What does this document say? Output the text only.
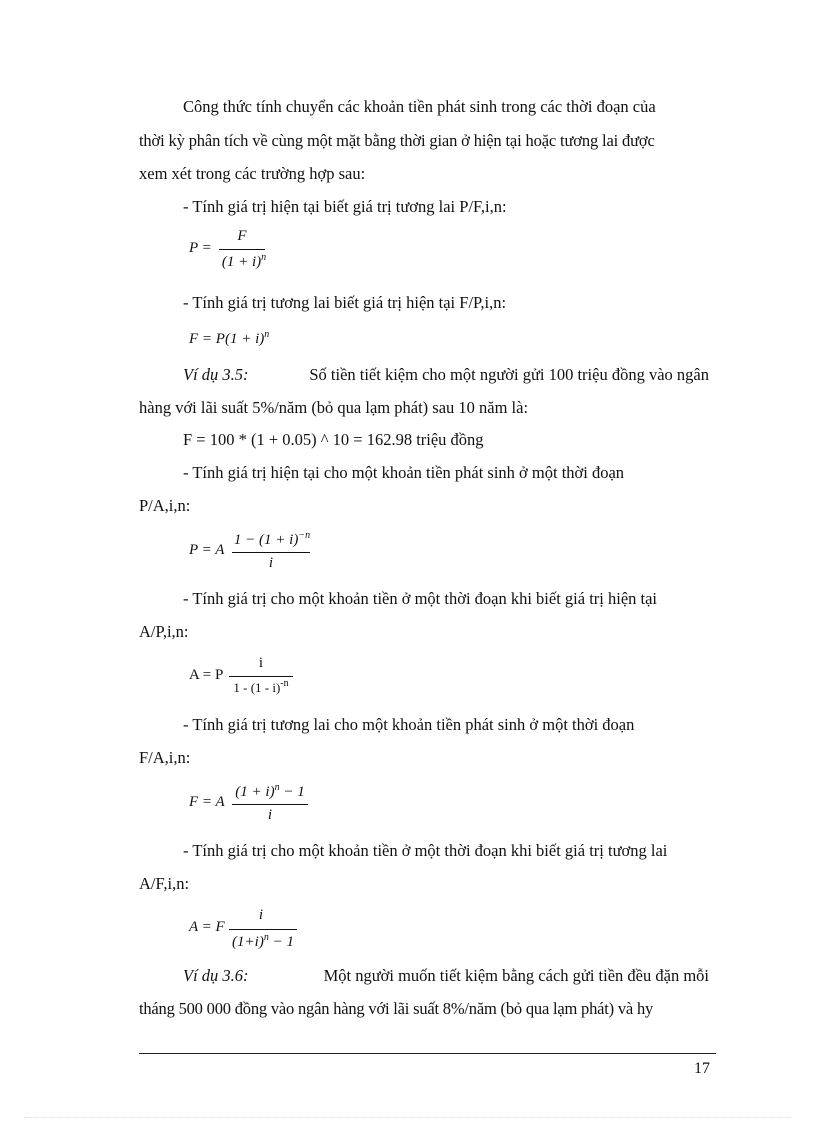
Công thức tính chuyển các khoản tiền phát sinh trong các thời đoạn của
thời kỳ phân tích về cùng một mặt bằng thời gian ở hiện tại hoặc tương lai được
xem xét trong các trường hợp sau:
- Tính giá trị hiện tại biết giá trị tương lai P/F,i,n:
P =
F
$(1 + i)^n$
- Tính giá trị tương lai biết giá trị hiện tại F/P,i,n:
$F = P(1 + i)^n$
Ví dụ 3.5:	Số tiền tiết kiệm cho một người gửi 100 triệu đồng vào ngân
hàng với lãi suất 5%/năm (bỏ qua lạm phát) sau 10 năm là:
F = 100 * (1 + 0.05) ^ 10 = 162.98 triệu đồng
- Tính giá trị hiện tại cho một khoản tiền phát sinh ở một thời đoạn
P/A,i,n:
P = A
$1 - (1 + i)^{-n}$
i
- Tính giá trị cho một khoản tiền ở một thời đoạn khi biết giá trị hiện tại
A/P,i,n:
A = P
i
1 - (1 - i)$^{-n}$
- Tính giá trị tương lai cho một khoản tiền phát sinh ở một thời đoạn
F/A,i,n:
F = A
$(1 + i)^n - 1$
i
- Tính giá trị cho một khoản tiền ở một thời đoạn khi biết giá trị tương lai
A/F,i,n:
A = F
i
$(1+i)^n - 1$
Ví dụ 3.6:	Một người muốn tiết kiệm bằng cách gửi tiền đều đặn mỗi
tháng 500 000 đồng vào ngân hàng với lãi suất 8%/năm (bỏ qua lạm phát) và hy
17
